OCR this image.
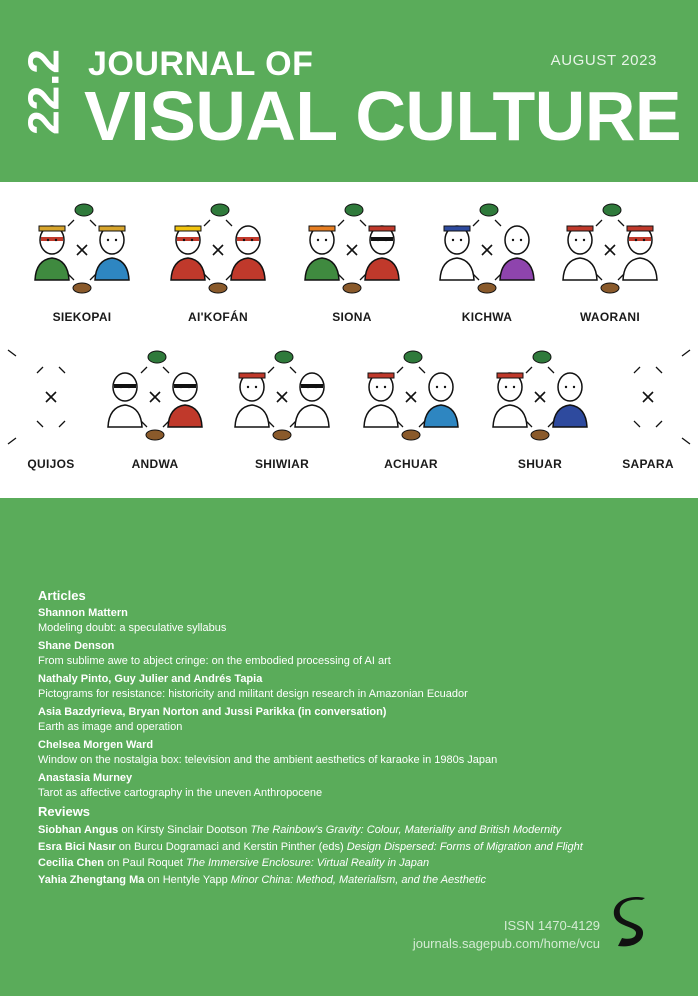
22.2 JOURNAL OF
VISUAL CULTURE
AUGUST 2023
SIEKOPAI	AI'KOFÁN	SIONA	KICHWA	WAORANI
QUIJOS	ANDWA	SHIWIAR	ACHUAR	SHUAR	SAPARA
Articles
Shannon Mattern
Modeling doubt: a speculative syllabus
Shane Denson
From sublime awe to abject cringe: on the embodied processing of AI art
Nathaly Pinto, Guy Julier and Andrés Tapia
Pictograms for resistance: historicity and militant design research in Amazonian Ecuador
Asia Bazdyrieva, Bryan Norton and Jussi Parikka (in conversation)
Earth as image and operation
Chelsea Morgen Ward
Window on the nostalgia box: television and the ambient aesthetics of karaoke in 1980s Japan
Anastasia Murney
Tarot as affective cartography in the uneven Anthropocene
Reviews
Siobhan Angus on Kirsty Sinclair Dootson The Rainbow's Gravity: Colour, Materiality and British Modernity
Esra Bici Nasır on Burcu Dogramaci and Kerstin Pinther (eds) Design Dispersed: Forms of Migration and Flight
Cecilia Chen on Paul Roquet The Immersive Enclosure: Virtual Reality in Japan
Yahia Zhengtang Ma on Hentyle Yapp Minor China: Method, Materialism, and the Aesthetic
ISSN 1470-4129
journals.sagepub.com/home/vcu
